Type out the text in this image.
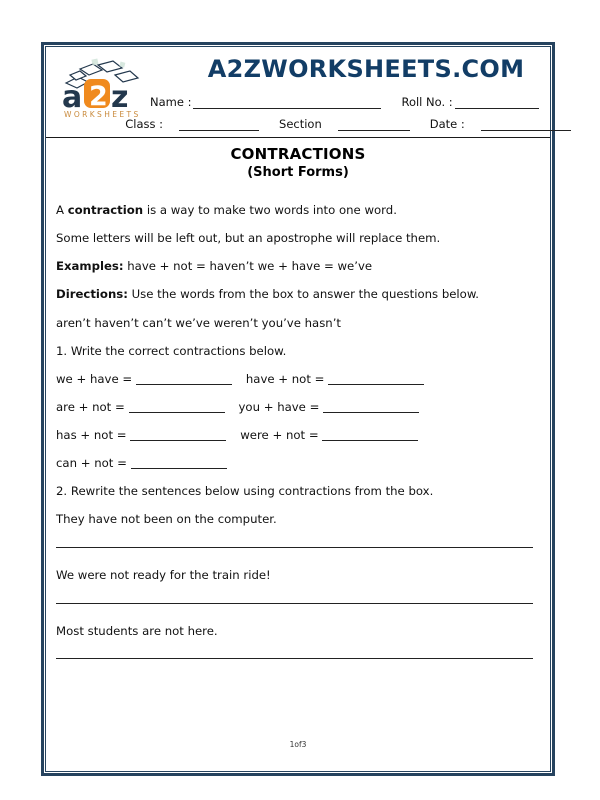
a 2 z
WORKSHEETS
A2ZWORKSHEETS.COM
Name :	Roll No. :
Class :	Section	Date :
CONTRACTIONS
(Short Forms)
A contraction is a way to make two words into one word.
Some letters will be left out, but an apostrophe will replace them.
Examples: have + not = haven’t we + have = we’ve
Directions: Use the words from the box to answer the questions below.
aren’t haven’t can’t we’ve weren’t you’ve hasn’t
1. Write the correct contractions below.
we + have =	have + not =
are + not =	you + have =
has + not =	were + not =
can + not =
2. Rewrite the sentences below using contractions from the box.
They have not been on the computer.
We were not ready for the train ride!
Most students are not here.
1of3
